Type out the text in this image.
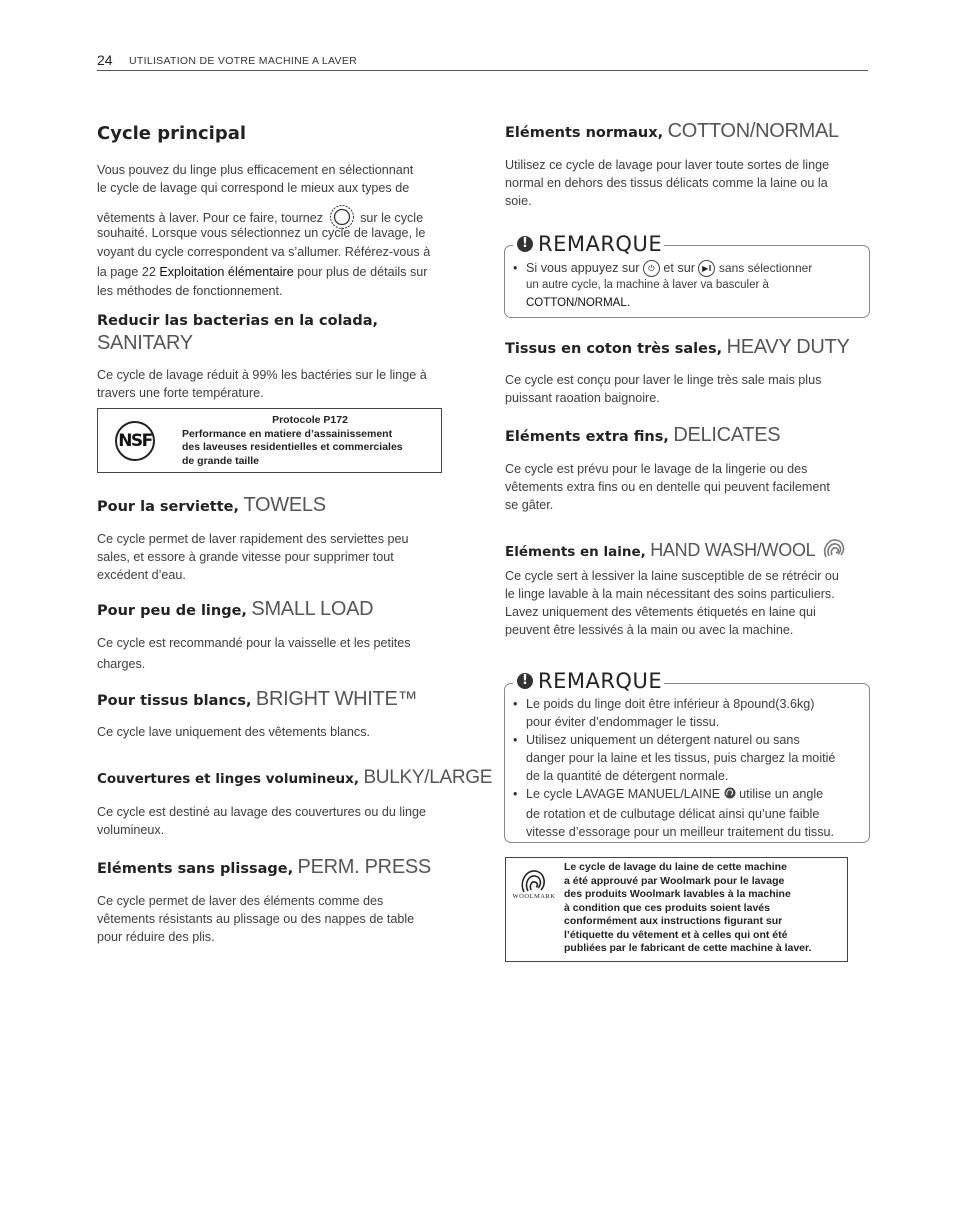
24 UTILISATION DE VOTRE MACHINE A LAVER
Cycle principal
Vous pouvez du linge plus efficacement en sélectionnant
le cycle de lavage qui correspond le mieux aux types de
vêtements à laver. Pour ce faire, tournez	sur le cycle
souhaité. Lorsque vous sélectionnez un cycle de lavage, le
voyant du cycle correspondent va s’allumer. Référez-vous à
la page 22 Exploitation élémentaire pour plus de détails sur
les méthodes de fonctionnement.
Reducir las bacterias en la colada,
SANITARY
Ce cycle de lavage réduit à 99% les bactéries sur le linge à
travers une forte température.
NSF
Protocole P172
Performance en matiere d’assainissement
des laveuses residentielles et commerciales
de grande taille
Pour la serviette, TOWELS
Ce cycle permet de laver rapidement des serviettes peu
sales, et essore à grande vitesse pour supprimer tout
excédent d’eau.
Pour peu de linge, SMALL LOAD
Ce cycle est recommandé pour la vaisselle et les petites
charges.
Pour tissus blancs, BRIGHT WHITE™
Ce cycle lave uniquement des vêtements blancs.
Couvertures et linges volumineux, BULKY/LARGE
Ce cycle est destiné au lavage des couvertures ou du linge
volumineux.
Eléments sans plissage, PERM. PRESS
Ce cycle permet de laver des éléments comme des
vêtements résistants au plissage ou des nappes de table
pour réduire des plis.
Eléments normaux, COTTON/NORMAL
Utilisez ce cycle de lavage pour laver toute sortes de linge
normal en dehors des tissus délicats comme la laine ou la
soie.
! REMARQUE
• Si vous appuyez sur ⏻ et sur ▶‖ sans sélectionner
un autre cycle, la machine à laver va basculer à
COTTON/NORMAL.
Tissus en coton très sales, HEAVY DUTY
Ce cycle est conçu pour laver le linge très sale mais plus
puissant raoation baignoire.
Eléments extra fins, DELICATES
Ce cycle est prévu pour le lavage de la lingerie ou des
vêtements extra fins ou en dentelle qui peuvent facilement
se gâter.
Eléments en laine, HAND WASH/WOOL
Ce cycle sert à lessiver la laine susceptible de se rétrécir ou
le linge lavable à la main nécessitant des soins particuliers.
Lavez uniquement des vêtements étiquetés en laine qui
peuvent être lessivés à la main ou avec la machine.
! REMARQUE
• Le poids du linge doit être inférieur à 8pound(3.6kg)
pour éviter d’endommager le tissu.
• Utilisez uniquement un détergent naturel ou sans
danger pour la laine et les tissus, puis chargez la moitié
de la quantité de détergent normale.
• Le cycle LAVAGE MANUEL/LAINE utilise un angle
de rotation et de culbutage délicat ainsi qu’une faible
vitesse d’essorage pour un meilleur traitement du tissu.
WOOLMARK
Le cycle de lavage du laine de cette machine
a été approuvé par Woolmark pour le lavage
des produits Woolmark lavables à la machine
à condition que ces produits soient lavés
conformément aux instructions figurant sur
l’étiquette du vêtement et à celles qui ont été
publiées par le fabricant de cette machine à laver.
